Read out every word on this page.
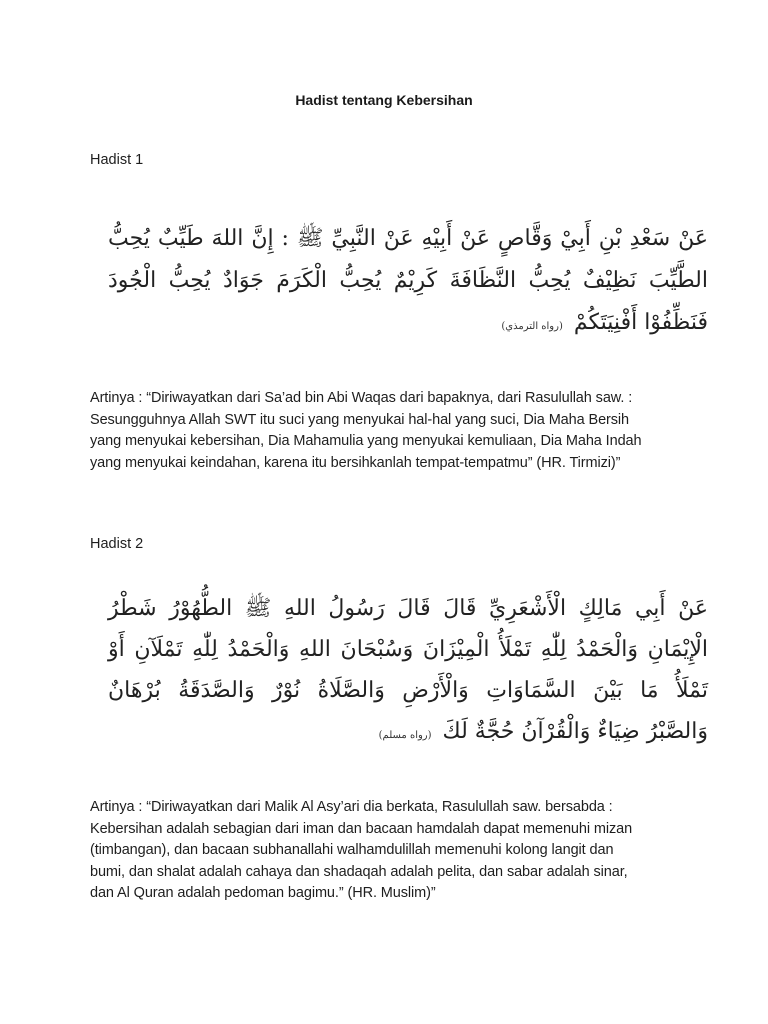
Hadist tentang Kebersihan
Hadist 1
عَنْ سَعْدِ بْنِ أَبِيْ وَقَّاصٍ عَنْ أَبِيْهِ عَنْ النَّبِيِّ ﷺ : إِنَّ اللهَ طَيِّبٌ يُحِبُّ
الطَّيِّبَ نَظِيْفٌ يُحِبُّ النَّظَافَةَ كَرِيْمٌ يُحِبُّ الْكَرَمَ جَوَادٌ يُحِبُّ الْجُودَ
فَنَظِّفُوْا أَفْنِيَتَكُمْ (رواه الترمذي)
Artinya : “Diriwayatkan dari Sa’ad bin Abi Waqas dari bapaknya, dari Rasulullah saw. :
Sesungguhnya Allah SWT itu suci yang menyukai hal-hal yang suci, Dia Maha Bersih
yang menyukai kebersihan, Dia Mahamulia yang menyukai kemuliaan, Dia Maha Indah
yang menyukai keindahan, karena itu bersihkanlah tempat-tempatmu” (HR. Tirmizi)”
Hadist 2
عَنْ أَبِي مَالِكٍ الْأَشْعَرِيِّ قَالَ قَالَ رَسُولُ اللهِ ﷺ الطُّهُوْرُ شَطْرُ
الْإِيْمَانِ وَالْحَمْدُ لِلّٰهِ تَمْلَأُ الْمِيْزَانَ وَسُبْحَانَ اللهِ وَالْحَمْدُ لِلّٰهِ تَمْلَآنِ أَوْ
تَمْلَأُ مَا بَيْنَ السَّمَاوَاتِ وَالْأَرْضِ وَالصَّلَاةُ نُوْرٌ وَالصَّدَقَةُ بُرْهَانٌ
وَالصَّبْرُ ضِيَاءٌ وَالْقُرْآنُ حُجَّةٌ لَكَ (رواه مسلم)
Artinya : “Diriwayatkan dari Malik Al Asy’ari dia berkata, Rasulullah saw. bersabda :
Kebersihan adalah sebagian dari iman dan bacaan hamdalah dapat memenuhi mizan
(timbangan), dan bacaan subhanallahi walhamdulillah memenuhi kolong langit dan
bumi, dan shalat adalah cahaya dan shadaqah adalah pelita, dan sabar adalah sinar,
dan Al Quran adalah pedoman bagimu.” (HR. Muslim)”
